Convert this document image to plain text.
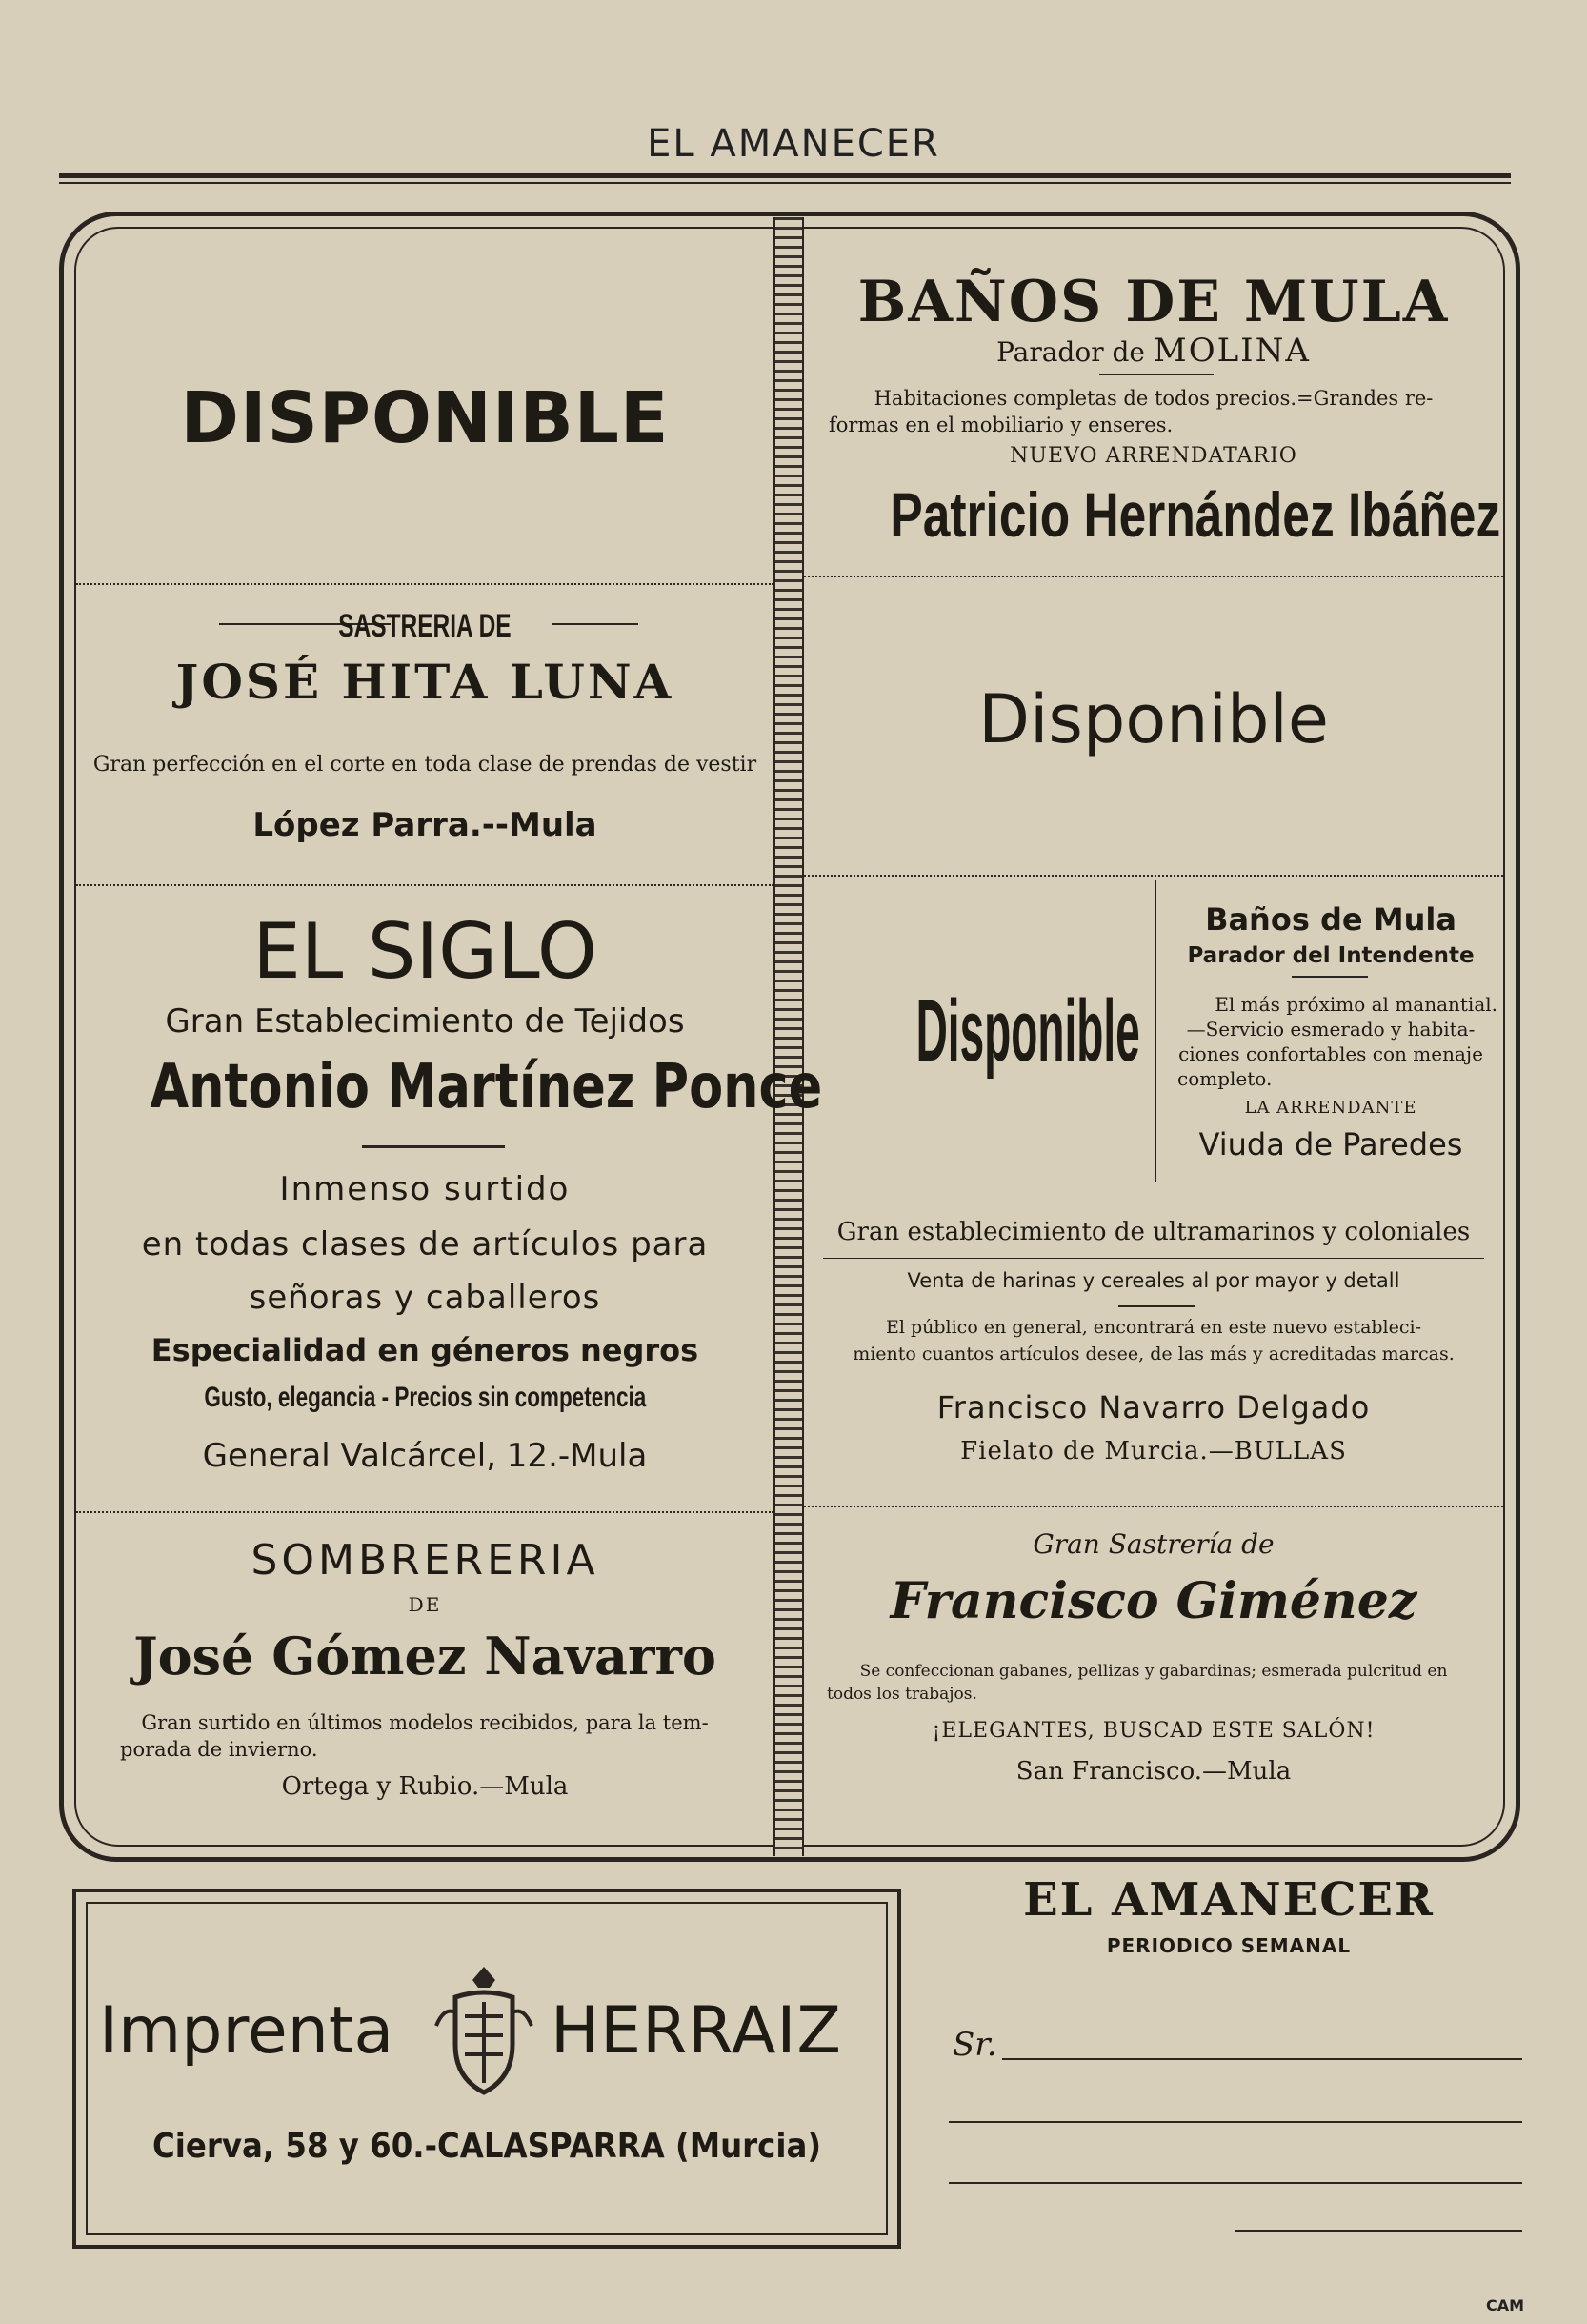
EL AMANECER
DISPONIBLE
BAÑOS DE MULA
Parador de MOLINA
Habitaciones completas de todos precios.=Grandes re-
formas en el mobiliario y enseres.
NUEVO ARRENDATARIO
Patricio Hernández Ibáñez
SASTRERIA DE
JOSÉ HITA LUNA
Gran perfección en el corte en toda clase de prendas de vestir
López Parra.--Mula
Disponible
EL SIGLO
Gran Establecimiento de Tejidos
Antonio Martínez Ponce
Inmenso surtido
en todas clases de artículos para
señoras y caballeros
Especialidad en géneros negros
Gusto, elegancia - Precios sin competencia
General Valcárcel, 12.-Mula
Disponible
Baños de Mula
Parador del Intendente
El más próximo al manantial.
—Servicio esmerado y habita-
ciones confortables con menaje
completo.
LA ARRENDANTE
Viuda de Paredes
Gran establecimiento de ultramarinos y coloniales
Venta de harinas y cereales al por mayor y detall
El público en general, encontrará en este nuevo estableci-
miento cuantos artículos desee, de las más y acreditadas marcas.
Francisco Navarro Delgado
Fielato de Murcia.—BULLAS
SOMBRERERIA
DE
José Gómez Navarro
Gran surtido en últimos modelos recibidos, para la tem-
porada de invierno.
Ortega y Rubio.—Mula
Gran Sastrería de
Francisco Giménez
Se confeccionan gabanes, pellizas y gabardinas; esmerada pulcritud en
todos los trabajos.
¡ELEGANTES, BUSCAD ESTE SALÓN!
San Francisco.—Mula
Imprenta HERRAIZ
Cierva, 58 y 60.-CALASPARRA (Murcia)
EL AMANECER
PERIODICO SEMANAL
Sr.
CAM
